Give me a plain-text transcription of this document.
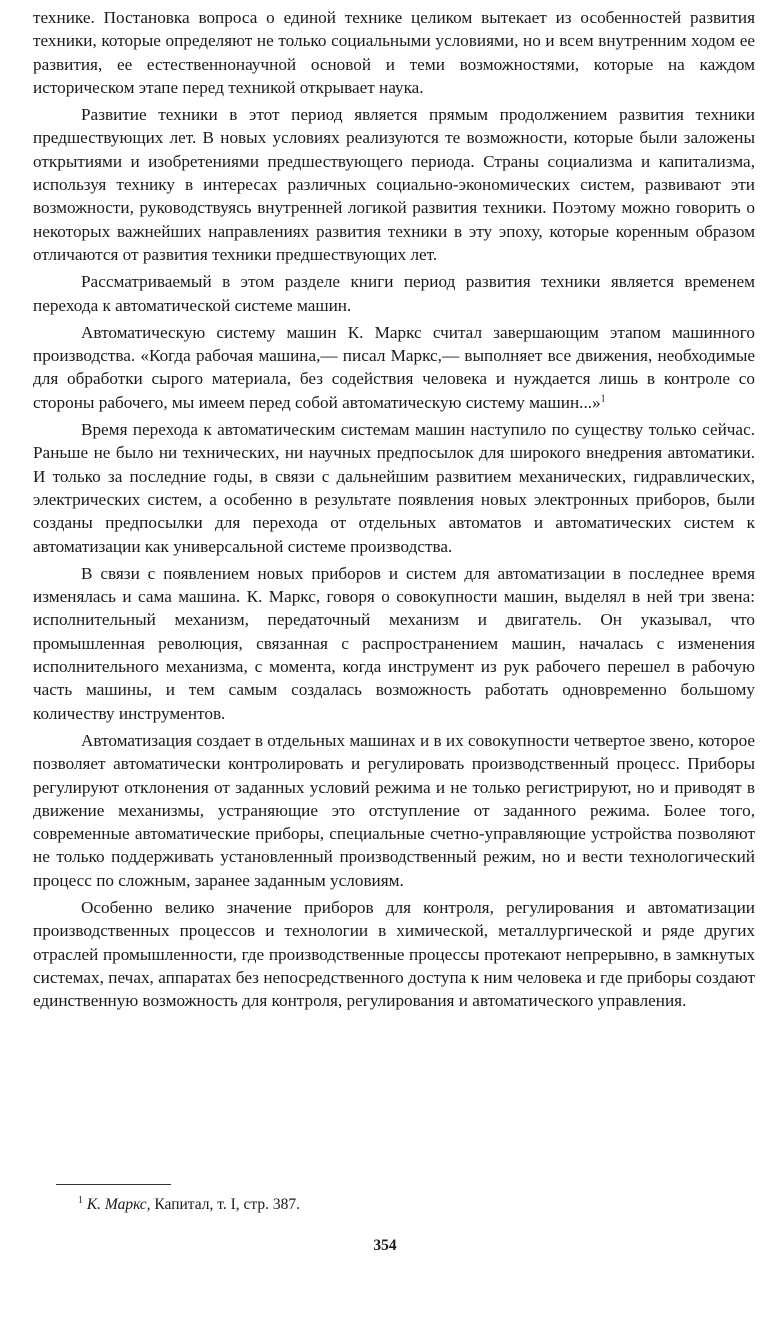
технике. Постановка вопроса о единой технике целиком вытекает из особенностей развития техники, которые определяют не только социальными условиями, но и всем внутренним ходом ее развития, ее естественнонаучной основой и теми возможностями, которые на каждом историческом этапе перед техникой открывает наука.

Развитие техники в этот период является прямым продолжением развития техники предшествующих лет. В новых условиях реализуются те возможности, которые были заложены открытиями и изобретениями предшествующего периода. Страны социализма и капитализма, используя технику в интересах различных социально-экономических систем, развивают эти возможности, руководствуясь внутренней логикой развития техники. Поэтому можно говорить о некоторых важнейших направлениях развития техники в эту эпоху, которые коренным образом отличаются от развития техники предшествующих лет.

Рассматриваемый в этом разделе книги период развития техники является временем перехода к автоматической системе машин.

Автоматическую систему машин К. Маркс считал завершающим этапом машинного производства. «Когда рабочая машина,— писал Маркс,— выполняет все движения, необходимые для обработки сырого материала, без содействия человека и нуждается лишь в контроле со стороны рабочего, мы имеем перед собой автоматическую систему машин...»$^1$

Время перехода к автоматическим системам машин наступило по существу только сейчас. Раньше не было ни технических, ни научных предпосылок для широкого внедрения автоматики. И только за последние годы, в связи с дальнейшим развитием механических, гидравлических, электрических систем, а особенно в результате появления новых электронных приборов, были созданы предпосылки для перехода от отдельных автоматов и автоматических систем к автоматизации как универсальной системе производства.

В связи с появлением новых приборов и систем для автоматизации в последнее время изменялась и сама машина. К. Маркс, говоря о совокупности машин, выделял в ней три звена: исполнительный механизм, передаточный механизм и двигатель. Он указывал, что промышленная революция, связанная с распространением машин, началась с изменения исполнительного механизма, с момента, когда инструмент из рук рабочего перешел в рабочую часть машины, и тем самым создалась возможность работать одновременно большому количеству инструментов.

Автоматизация создает в отдельных машинах и в их совокупности четвертое звено, которое позволяет автоматически контролировать и регулировать производственный процесс. Приборы регулируют отклонения от заданных условий режима и не только регистрируют, но и приводят в движение механизмы, устраняющие это отступление от заданного режима. Более того, современные автоматические приборы, специальные счетно-управляющие устройства позволяют не только поддерживать установленный производственный режим, но и вести технологический процесс по сложным, заранее заданным условиям.

Особенно велико значение приборов для контроля, регулирования и автоматизации производственных процессов и технологии в химической, металлургической и ряде других отраслей промышленности, где производственные процессы протекают непрерывно, в замкнутых системах, печах, аппаратах без непосредственного доступа к ним человека и где приборы создают единственную возможность для контроля, регулирования и автоматического управления.

$^1$ К. Маркс, Капитал, т. I, стр. 387.
354
